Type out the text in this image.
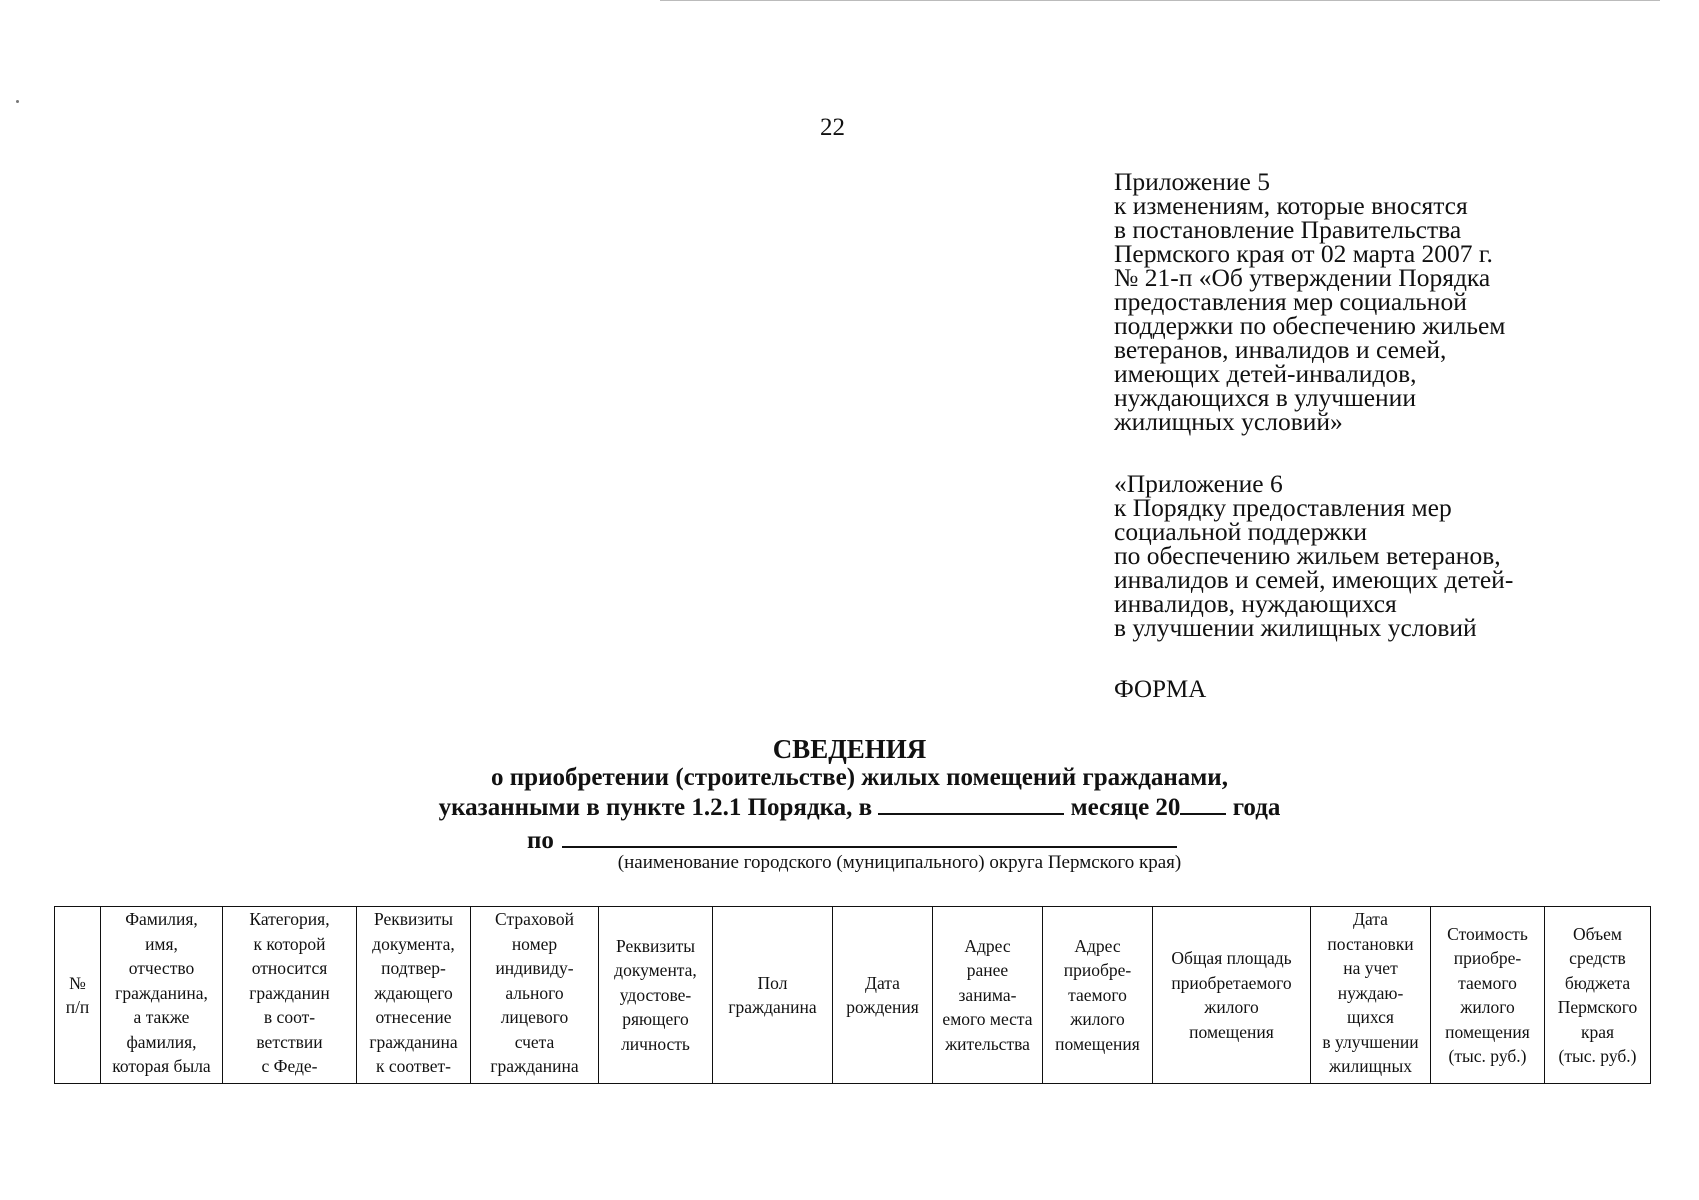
22
Приложение 5
к изменениям, которые вносятся
в постановление Правительства
Пермского края от 02 марта 2007 г.
№ 21-п «Об утверждении Порядка
предоставления мер социальной
поддержки по обеспечению жильем
ветеранов, инвалидов и семей,
имеющих детей-инвалидов,
нуждающихся в улучшении
жилищных условий»
«Приложение 6
к Порядку предоставления мер
социальной поддержки
по обеспечению жильем ветеранов,
инвалидов и семей, имеющих детей-
инвалидов, нуждающихся
в улучшении жилищных условий
ФОРМА
СВЕДЕНИЯ
о приобретении (строительстве) жилых помещений гражданами,
указанными в пункте 1.2.1 Порядка, в	месяце 20 года
по
(наименование городского (муниципального) округа Пермского края)
№
п/п

Фамилия,
имя,
отчество
гражданина,
а также
фамилия,
которая была

Категория,
к которой
относится
гражданин
в соот-
ветствии
с Феде-

Реквизиты
документа,
подтвер-
ждающего
отнесение
гражданина
к соответ-

Страховой
номер
индивиду-
ального
лицевого
счета
гражданина

Реквизиты
документа,
удостове-
ряющего
личность

Пол
гражданина

Дата
рождения

Адрес
ранее
занима-
емого места
жительства

Адрес
приобре-
таемого
жилого
помещения

Общая площадь
приобретаемого
жилого
помещения

Дата
постановки
на учет
нуждаю-
щихся
в улучшении
жилищных

Стоимость
приобре-
таемого
жилого
помещения
(тыс. руб.)

Объем
средств
бюджета
Пермского
края
(тыс. руб.)
